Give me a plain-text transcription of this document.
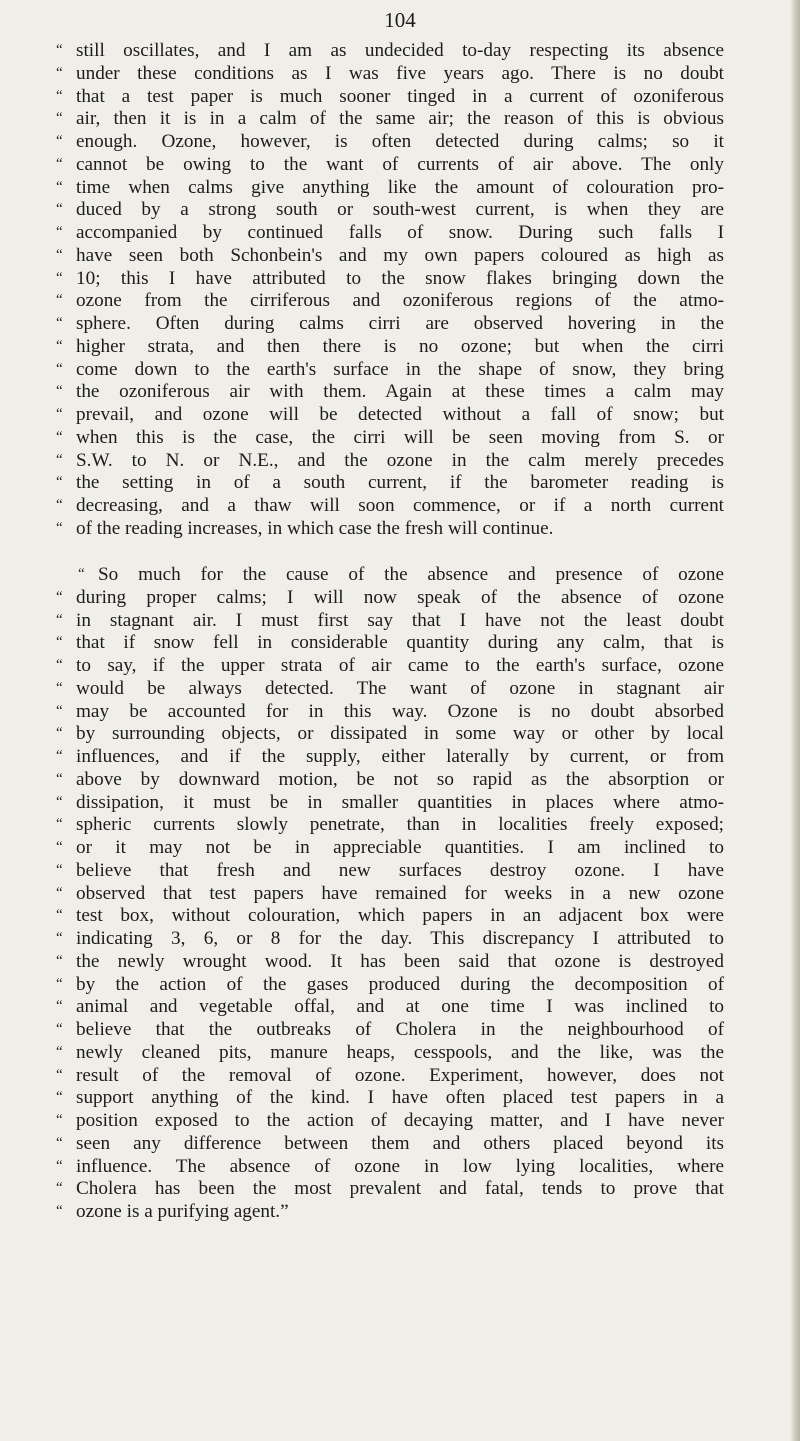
104
“ still oscillates, and I am as undecided to-day respecting its absence
“ under these conditions as I was five years ago. There is no doubt
“ that a test paper is much sooner tinged in a current of ozoniferous
“ air, then it is in a calm of the same air; the reason of this is obvious
“ enough. Ozone, however, is often detected during calms; so it
“ cannot be owing to the want of currents of air above. The only
“ time when calms give anything like the amount of colouration pro-
“ duced by a strong south or south-west current, is when they are
“ accompanied by continued falls of snow. During such falls I
“ have seen both Schonbein's and my own papers coloured as high as
“ 10; this I have attributed to the snow flakes bringing down the
“ ozone from the cirriferous and ozoniferous regions of the atmo-
“ sphere. Often during calms cirri are observed hovering in the
“ higher strata, and then there is no ozone; but when the cirri
“ come down to the earth's surface in the shape of snow, they bring
“ the ozoniferous air with them. Again at these times a calm may
“ prevail, and ozone will be detected without a fall of snow; but
“ when this is the case, the cirri will be seen moving from S. or
“ S.W. to N. or N.E., and the ozone in the calm merely precedes
“ the setting in of a south current, if the barometer reading is
“ decreasing, and a thaw will soon commence, or if a north current
“ of the reading increases, in which case the fresh will continue.
“ So much for the cause of the absence and presence of ozone
“ during proper calms; I will now speak of the absence of ozone
“ in stagnant air. I must first say that I have not the least doubt
“ that if snow fell in considerable quantity during any calm, that is
“ to say, if the upper strata of air came to the earth's surface, ozone
“ would be always detected. The want of ozone in stagnant air
“ may be accounted for in this way. Ozone is no doubt absorbed
“ by surrounding objects, or dissipated in some way or other by local
“ influences, and if the supply, either laterally by current, or from
“ above by downward motion, be not so rapid as the absorption or
“ dissipation, it must be in smaller quantities in places where atmo-
“ spheric currents slowly penetrate, than in localities freely exposed;
“ or it may not be in appreciable quantities. I am inclined to
“ believe that fresh and new surfaces destroy ozone. I have
“ observed that test papers have remained for weeks in a new ozone
“ test box, without colouration, which papers in an adjacent box were
“ indicating 3, 6, or 8 for the day. This discrepancy I attributed to
“ the newly wrought wood. It has been said that ozone is destroyed
“ by the action of the gases produced during the decomposition of
“ animal and vegetable offal, and at one time I was inclined to
“ believe that the outbreaks of Cholera in the neighbourhood of
“ newly cleaned pits, manure heaps, cesspools, and the like, was the
“ result of the removal of ozone. Experiment, however, does not
“ support anything of the kind. I have often placed test papers in a
“ position exposed to the action of decaying matter, and I have never
“ seen any difference between them and others placed beyond its
“ influence. The absence of ozone in low lying localities, where
“ Cholera has been the most prevalent and fatal, tends to prove that
“ ozone is a purifying agent.”
